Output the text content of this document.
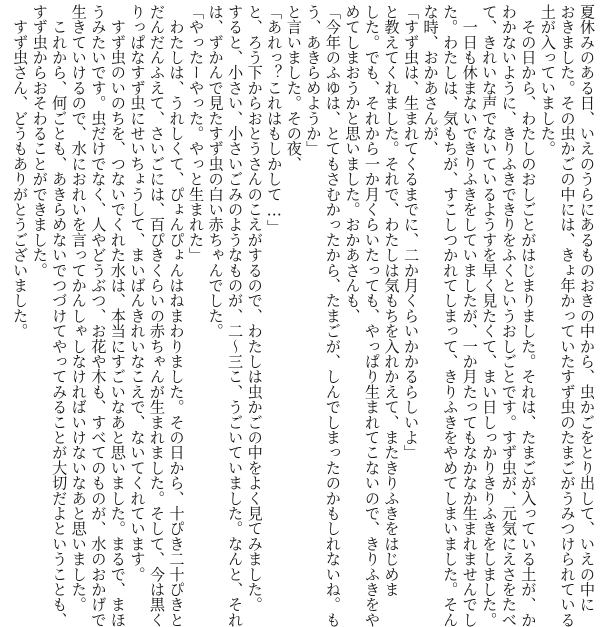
夏休みのある日、いえのうらにあるものおきの中から、虫かごをとり出して、いえの中に
おきました。その虫かごの中には、きょ年かっていたすず虫のたまごがうみつけられている
土が入っていました。
　その日から、わたしのおしごとがはじまりました。それは、たまごが入っている土が、か
わかないように、きりふきできりをふくというおしごとです。すず虫が、元気にえさをたべ
て、きれいな声でないているようすを早く見たくて、まい日しっかりきりふきをしました。
　一日も休まないできりふきをしていましたが、一か月たってもなかなか生まれませんでし
た。わたしは、気もちが、すこしつかれてしまって、きりふきをやめてしまいました。そん
な時、おかあさんが、
「すず虫は、生まれてくるまでに、二か月くらいかかるらしいよ」
と教えてくれました。それで、わたしは気もちを入れかえて、またきりふきをはじめま
した。でも、それから一か月くらいたっても、やっぱり生まれてこないので、きりふきをや
めてしまおうかと思いました。おかあさんも、
「今年のふゆは、とてもさむかったから、たまごが、しんでしまったのかもしれないね。も
う、あきらめようか」
と言いました。その夜、
「あれっ？これはもしかして…」
と、ろう下からおとうさんのこえがするので、わたしは虫かごの中をよく見てみました。
すると、小さい、小さいごみのようなものが、二～三こ、うごいていました。なんと、それ
は、ずかんで見たすず虫の白い赤ちゃんでした。
「やったーやった。やっと生まれた」
　わたしは、うれしくて、ぴょんぴょんはねまわりました。その日から、十ぴき二十ぴきと
だんだんふえて、さいごには、百ぴきくらいの赤ちゃんが生まれました。そして、今は黒く
りっぱなすず虫にせいちょうして、まいばんきれいなこえで、ないてくれています。
　すず虫のいのちを、つないでくれた水は、本当にすごいなあと思いました。まるで、まほ
うみたいです。虫だけでなく、人やどうぶつ、お花や木も、すべてのものが、水のおかげで
生きていけるので、水におれいを言ってかんしゃしなければいけないなあと思いました。
　これから、何ごとも、あきらめないでつづけてやってみることが大切だよということも、
すず虫からおそわることができました。
　すず虫さん、どうもありがとうございました。
